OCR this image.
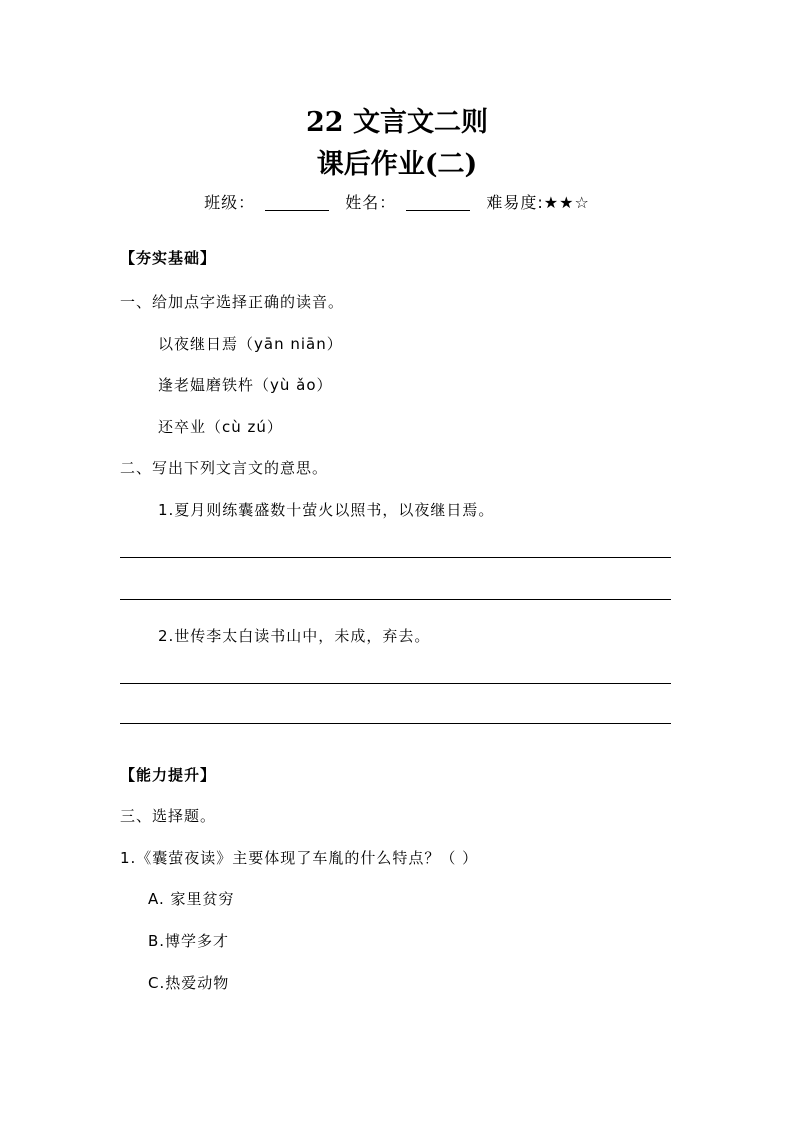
22 文言文二则
课后作业(二)
班级：	姓名：	难易度:★★☆
【夯实基础】
一、给加点字选择正确的读音。
以夜继日焉（yān niān）
逢老媪磨铁杵（yù ǎo）
还卒业（cù zú）
二、写出下列文言文的意思。
1.夏月则练囊盛数十萤火以照书，以夜继日焉。
2.世传李太白读书山中，未成，弃去。
【能力提升】
三、选择题。
1.《囊萤夜读》主要体现了车胤的什么特点？（ ）
A. 家里贫穷
B.博学多才
C.热爱动物
